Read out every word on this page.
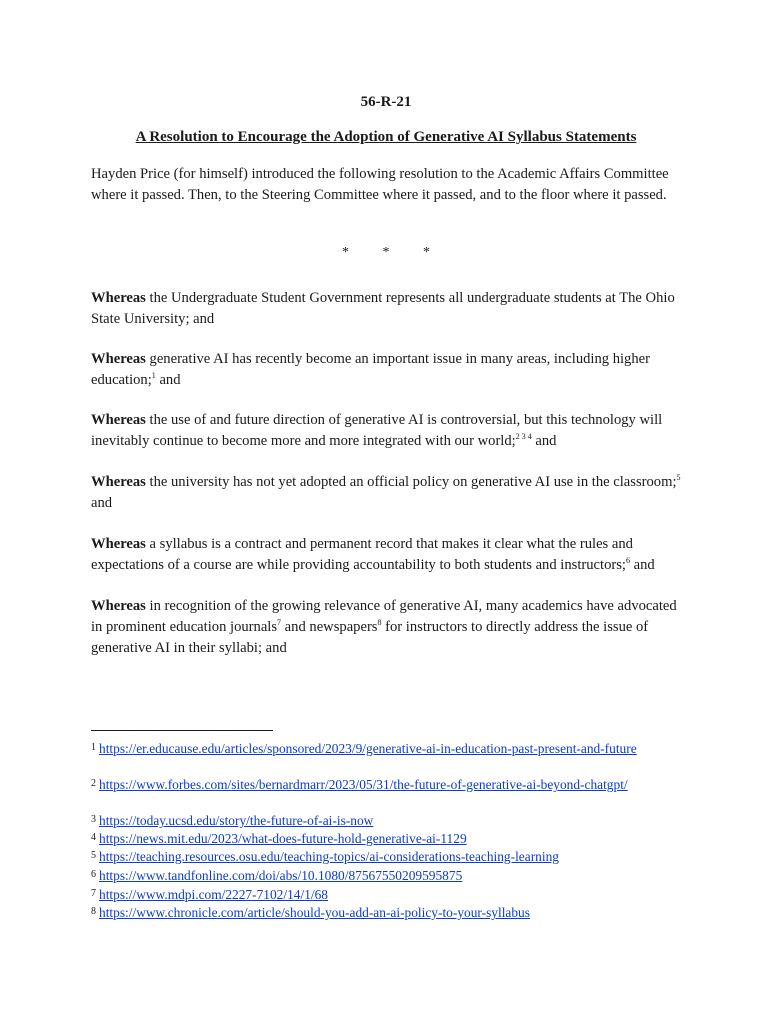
56-R-21
A Resolution to Encourage the Adoption of Generative AI Syllabus Statements

Hayden Price (for himself) introduced the following resolution to the Academic Affairs Committee where it passed. Then, to the Steering Committee where it passed, and to the floor where it passed.

* * *

Whereas the Undergraduate Student Government represents all undergraduate students at The Ohio State University; and

Whereas generative AI has recently become an important issue in many areas, including higher education;$^1$ and

Whereas the use of and future direction of generative AI is controversial, but this technology will inevitably continue to become more and more integrated with our world;$^{2 3 4}$ and

Whereas the university has not yet adopted an official policy on generative AI use in the classroom;$^5$ and

Whereas a syllabus is a contract and permanent record that makes it clear what the rules and expectations of a course are while providing accountability to both students and instructors;$^6$ and

Whereas in recognition of the growing relevance of generative AI, many academics have advocated in prominent education journals$^7$ and newspapers$^8$ for instructors to directly address the issue of generative AI in their syllabi; and

$^1$ https://er.educause.edu/articles/sponsored/2023/9/generative-ai-in-education-past-present-and-future

$^2$ https://www.forbes.com/sites/bernardmarr/2023/05/31/the-future-of-generative-ai-beyond-chatgpt/

$^3$ https://today.ucsd.edu/story/the-future-of-ai-is-now

$^4$ https://news.mit.edu/2023/what-does-future-hold-generative-ai-1129

$^5$ https://teaching.resources.osu.edu/teaching-topics/ai-considerations-teaching-learning

$^6$ https://www.tandfonline.com/doi/abs/10.1080/87567550209595875

$^7$ https://www.mdpi.com/2227-7102/14/1/68

$^8$ https://www.chronicle.com/article/should-you-add-an-ai-policy-to-your-syllabus
